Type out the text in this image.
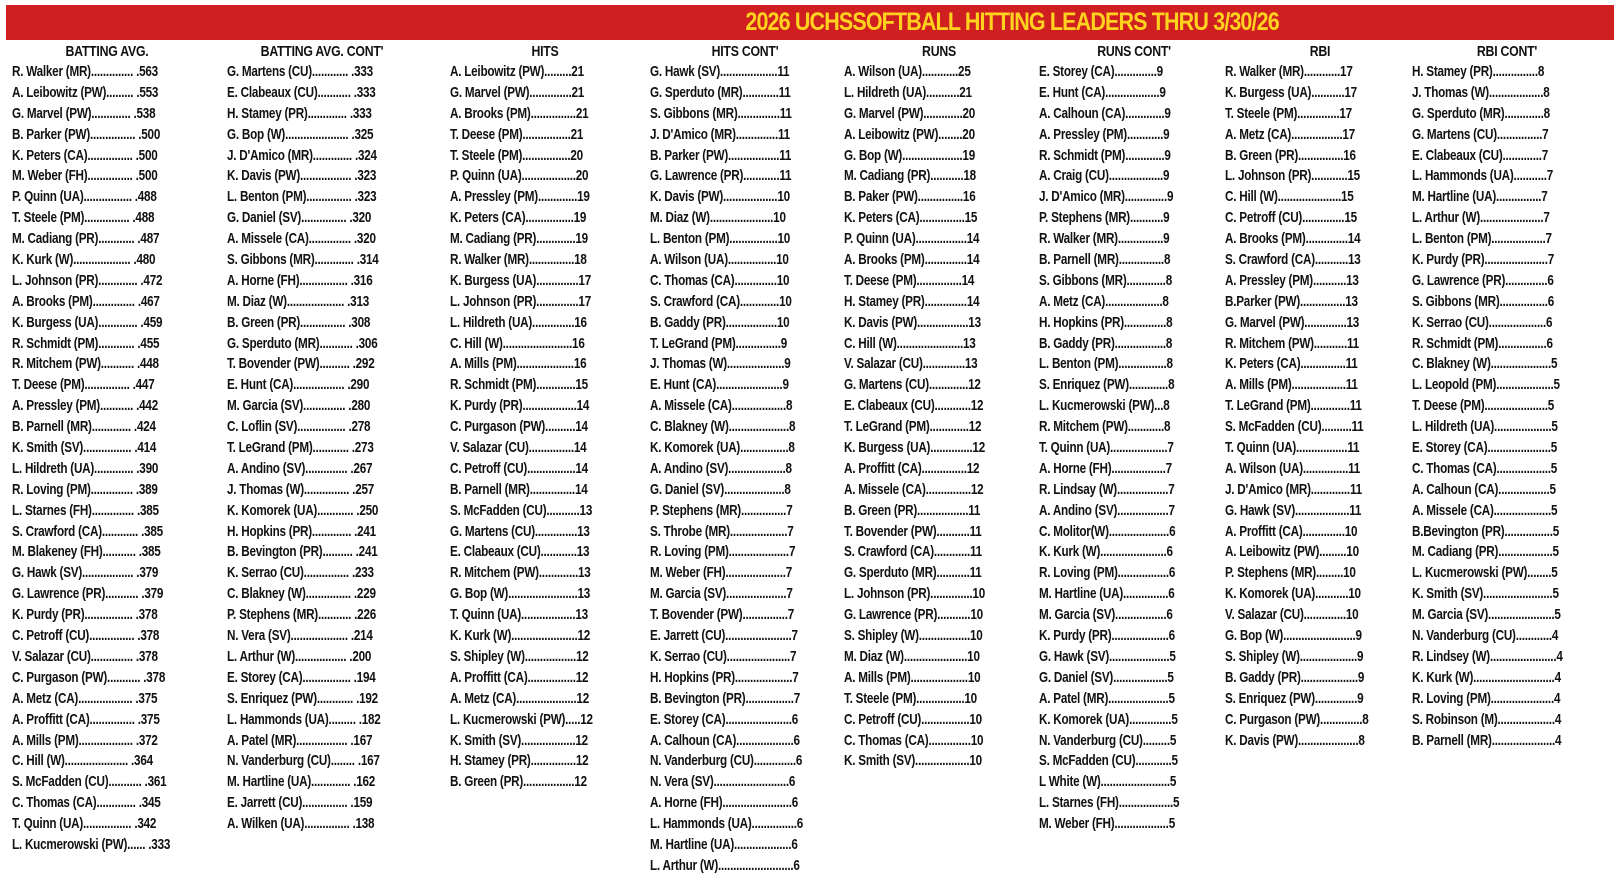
2026 UCHSSOFTBALL HITTING LEADERS THRU 3/30/26
BATTING AVG.
R. Walker (MR).............. .563
A. Leibowitz (PW)......... .553
G. Marvel (PW)............. .538
B. Parker (PW)............... .500
K. Peters (CA)............... .500
M. Weber (FH)............... .500
P. Quinn (UA)................ .488
T. Steele (PM)............... .488
M. Cadiang (PR)............ .487
K. Kurk (W)................... .480
L. Johnson (PR)............. .472
A. Brooks (PM).............. .467
K. Burgess (UA)............. .459
R. Schmidt (PM)............ .455
R. Mitchem (PW)........... .448
T. Deese (PM)............... .447
A. Pressley (PM)........... .442
B. Parnell (MR)............. .424
K. Smith (SV)................ .414
L. Hildreth (UA)............. .390
R. Loving (PM).............. .389
L. Starnes (FH).............. .385
S. Crawford (CA)............ .385
M. Blakeney (FH)........... .385
G. Hawk (SV)................. .379
G. Lawrence (PR)........... .379
K. Purdy (PR)................ .378
C. Petroff (CU)............... .378
V. Salazar (CU).............. .378
C. Purgason (PW)........... .378
A. Metz (CA).................. .375
A. Proffitt (CA)............... .375
A. Mills (PM).................. .372
C. Hill (W)..................... .364
S. McFadden (CU)........... .361
C. Thomas (CA)............. .345
T. Quinn (UA)................ .342
L. Kucmerowski (PW)...... .333
BATTING AVG. CONT'
G. Martens (CU)............ .333
E. Clabeaux (CU)........... .333
H. Stamey (PR)............. .333
G. Bop (W)..................... .325
J. D'Amico (MR)............. .324
K. Davis (PW)................. .323
L. Benton (PM)............... .323
G. Daniel (SV)............... .320
A. Missele (CA).............. .320
S. Gibbons (MR)............. .314
A. Horne (FH)................ .316
M. Diaz (W)................... .313
B. Green (PR)............... .308
G. Sperduto (MR)........... .306
T. Bovender (PW).......... .292
E. Hunt (CA)................. .290
M. Garcia (SV).............. .280
C. Loflin (SV)................ .278
T. LeGrand (PM)............ .273
A. Andino (SV).............. .267
J. Thomas (W)............... .257
K. Komorek (UA)............ .250
H. Hopkins (PR)............. .241
B. Bevington (PR).......... .241
K. Serrao (CU)............... .233
C. Blakney (W)............... .229
P. Stephens (MR)........... .226
N. Vera (SV)................... .214
L. Arthur (W)................. .200
E. Storey (CA)................ .194
S. Enriquez (PW)............ .192
L. Hammonds (UA)......... .182
A. Patel (MR)................. .167
N. Vanderburg (CU)........ .167
M. Hartline (UA)............. .162
E. Jarrett (CU)............... .159
A. Wilken (UA)............... .138
HITS
A. Leibowitz (PW).........21
G. Marvel (PW)..............21
A. Brooks (PM)...............21
T. Deese (PM)................21
T. Steele (PM)................20
P. Quinn (UA)..................20
A. Pressley (PM).............19
K. Peters (CA)................19
M. Cadiang (PR).............19
R. Walker (MR)...............18
K. Burgess (UA)..............17
L. Johnson (PR)..............17
L. Hildreth (UA)..............16
C. Hill (W).......................16
A. Mills (PM)...................16
R. Schmidt (PM).............15
K. Purdy (PR)..................14
C. Purgason (PW)..........14
V. Salazar (CU)...............14
C. Petroff (CU)................14
B. Parnell (MR)...............14
S. McFadden (CU)...........13
G. Martens (CU)..............13
E. Clabeaux (CU)............13
R. Mitchem (PW).............13
G. Bop (W).......................13
T. Quinn (UA)..................13
K. Kurk (W)......................12
S. Shipley (W).................12
A. Proffitt (CA)................12
A. Metz (CA)....................12
L. Kucmerowski (PW).....12
K. Smith (SV)..................12
H. Stamey (PR)...............12
B. Green (PR).................12
HITS CONT'
G. Hawk (SV)...................11
G. Sperduto (MR)............11
S. Gibbons (MR)..............11
J. D'Amico (MR)..............11
B. Parker (PW).................11
G. Lawrence (PR)............11
K. Davis (PW)..................10
M. Diaz (W).....................10
L. Benton (PM)................10
A. Wilson (UA)................10
C. Thomas (CA)..............10
S. Crawford (CA).............10
B. Gaddy (PR).................10
T. LeGrand (PM)...............9
J. Thomas (W)...................9
E. Hunt (CA)......................9
A. Missele (CA)..................8
C. Blakney (W)....................8
K. Komorek (UA)................8
A. Andino (SV)...................8
G. Daniel (SV)....................8
P. Stephens (MR)...............7
S. Throbe (MR)...................7
R. Loving (PM)....................7
M. Weber (FH)....................7
M. Garcia (SV)....................7
T. Bovender (PW)...............7
E. Jarrett (CU)......................7
K. Serrao (CU).....................7
H. Hopkins (PR)...................7
B. Bevington (PR)................7
E. Storey (CA)......................6
A. Calhoun (CA)...................6
N. Vanderburg (CU)..............6
N. Vera (SV).........................6
A. Horne (FH).......................6
L. Hammonds (UA)...............6
M. Hartline (UA)...................6
L. Arthur (W).........................6
RUNS
A. Wilson (UA)............25
L. Hildreth (UA)...........21
G. Marvel (PW).............20
A. Leibowitz (PW)........20
G. Bop (W)....................19
M. Cadiang (PR)...........18
B. Paker (PW)...............16
K. Peters (CA)...............15
P. Quinn (UA).................14
A. Brooks (PM)..............14
T. Deese (PM)...............14
H. Stamey (PR)..............14
K. Davis (PW).................13
C. Hill (W)......................13
V. Salazar (CU)..............13
G. Martens (CU).............12
E. Clabeaux (CU)............12
T. LeGrand (PM).............12
K. Burgess (UA)..............12
A. Proffitt (CA)...............12
A. Missele (CA)...............12
B. Green (PR).................11
T. Bovender (PW)...........11
S. Crawford (CA)............11
G. Sperduto (MR)...........11
L. Johnson (PR)..............10
G. Lawrence (PR)...........10
S. Shipley (W).................10
M. Diaz (W).....................10
A. Mills (PM)...................10
T. Steele (PM)................10
C. Petroff (CU)................10
C. Thomas (CA)..............10
K. Smith (SV)..................10
RUNS CONT'
E. Storey (CA)..............9
E. Hunt (CA)..................9
A. Calhoun (CA).............9
A. Pressley (PM)............9
R. Schmidt (PM).............9
A. Craig (CU)..................9
J. D'Amico (MR)..............9
P. Stephens (MR)...........9
R. Walker (MR)...............9
B. Parnell (MR)...............8
S. Gibbons (MR).............8
A. Metz (CA)...................8
H. Hopkins (PR)..............8
B. Gaddy (PR).................8
L. Benton (PM)................8
S. Enriquez (PW).............8
L. Kucmerowski (PW)...8
R. Mitchem (PW)............8
T. Quinn (UA)...................7
A. Horne (FH)..................7
R. Lindsay (W).................7
A. Andino (SV).................7
C. Molitor(W)....................6
K. Kurk (W)......................6
R. Loving (PM).................6
M. Hartline (UA)...............6
M. Garcia (SV).................6
K. Purdy (PR)...................6
G. Hawk (SV)....................5
G. Daniel (SV)..................5
A. Patel (MR)....................5
K. Komorek (UA)..............5
N. Vanderburg (CU).........5
S. McFadden (CU)............5
L White (W).......................5
L. Starnes (FH)..................5
M. Weber (FH)..................5
RBI
R. Walker (MR)............17
K. Burgess (UA)...........17
T. Steele (PM)..............17
A. Metz (CA).................17
B. Green (PR)...............16
L. Johnson (PR)............15
C. Hill (W).....................15
C. Petroff (CU)..............15
A. Brooks (PM)..............14
S. Crawford (CA)...........13
A. Pressley (PM)...........13
B.Parker (PW)...............13
G. Marvel (PW)..............13
R. Mitchem (PW)...........11
K. Peters (CA)...............11
A. Mills (PM)..................11
T. LeGrand (PM).............11
S. McFadden (CU)..........11
T. Quinn (UA).................11
A. Wilson (UA)...............11
J. D'Amico (MR).............11
G. Hawk (SV)..................11
A. Proffitt (CA)..............10
A. Leibowitz (PW).........10
P. Stephens (MR).........10
K. Komorek (UA)...........10
V. Salazar (CU)..............10
G. Bop (W)........................9
S. Shipley (W)...................9
B. Gaddy (PR)...................9
S. Enriquez (PW)..............9
C. Purgason (PW)..............8
K. Davis (PW)....................8
RBI CONT'
H. Stamey (PR)...............8
J. Thomas (W)..................8
G. Sperduto (MR).............8
G. Martens (CU)...............7
E. Clabeaux (CU).............7
L. Hammonds (UA)...........7
M. Hartline (UA)...............7
L. Arthur (W).....................7
L. Benton (PM)..................7
K. Purdy (PR).....................7
G. Lawrence (PR)..............6
S. Gibbons (MR)................6
K. Serrao (CU)...................6
R. Schmidt (PM)................6
C. Blakney (W)....................5
L. Leopold (PM)...................5
T. Deese (PM).....................5
L. Hildreth (UA)...................5
E. Storey (CA).....................5
C. Thomas (CA)..................5
A. Calhoun (CA).................5
A. Missele (CA)...................5
B.Bevington (PR)................5
M. Cadiang (PR)..................5
L. Kucmerowski (PW)........5
K. Smith (SV).......................5
M. Garcia (SV)......................5
N. Vanderburg (CU)............4
R. Lindsey (W)......................4
K. Kurk (W)...........................4
R. Loving (PM).....................4
S. Robinson (M)...................4
B. Parnell (MR).....................4
